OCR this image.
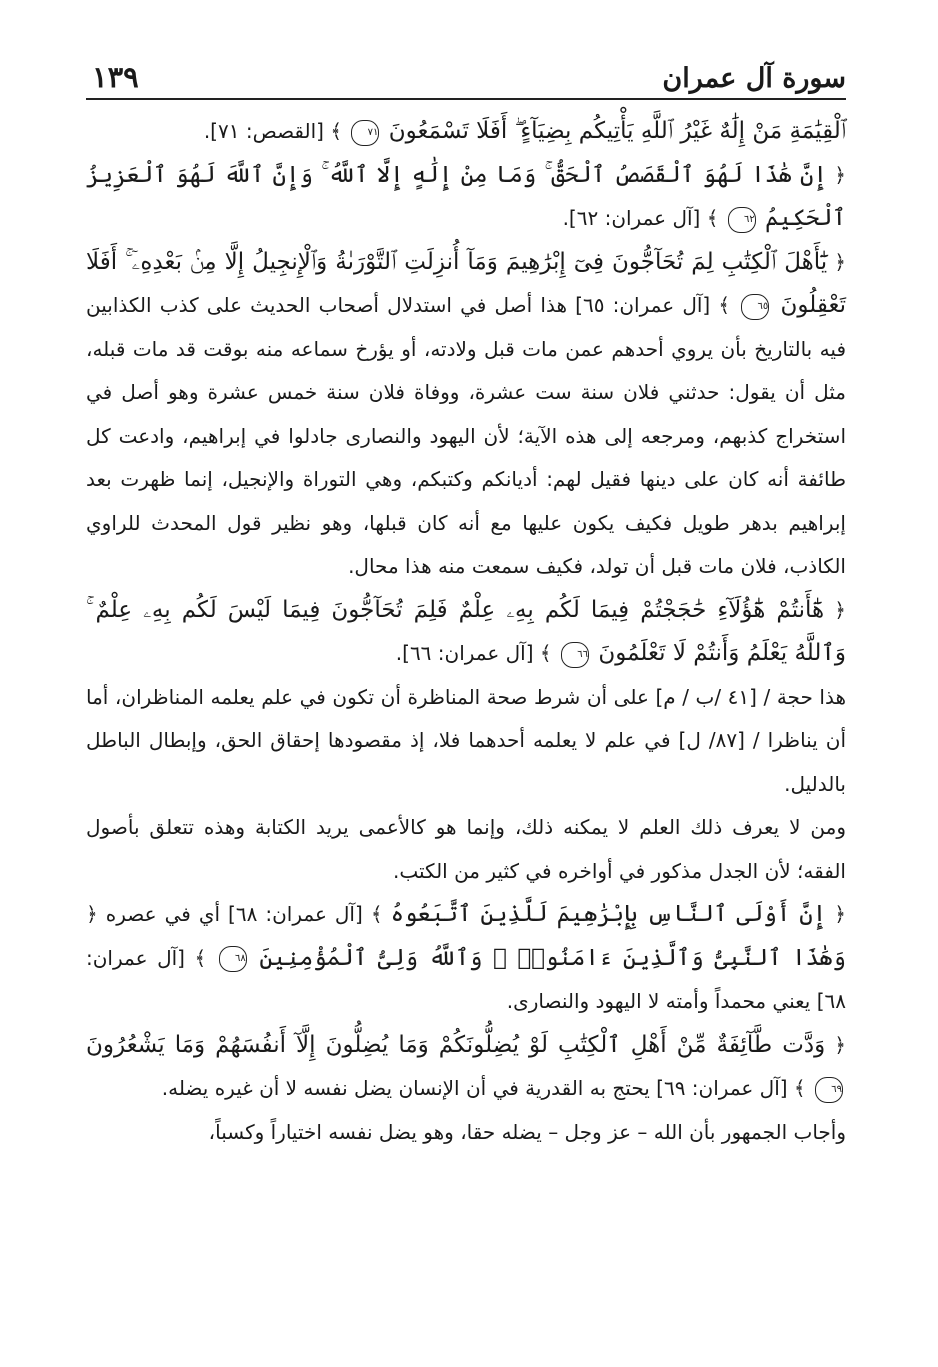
سورة آل عمران
١٣٩

ٱلْقِيَٰمَةِ مَنْ إِلَٰهٌ غَيْرُ ٱللَّهِ يَأْتِيكُم بِضِيَآءٍ ۖ أَفَلَا تَسْمَعُونَ ٧١ ﴾ [القصص: ٧١].

﴿ إِنَّ هَٰذَا لَهُوَ ٱلْقَصَصُ ٱلْحَقُّ ۚ وَمَا مِنْ إِلَٰهٍ إِلَّا ٱللَّهُ ۚ وَإِنَّ ٱللَّهَ لَهُوَ ٱلْعَزِيزُ ٱلْحَكِيمُ ٦٢ ﴾ [آل عمران: ٦٢].

﴿ يَٰٓأَهْلَ ٱلْكِتَٰبِ لِمَ تُحَآجُّونَ فِىٓ إِبْرَٰهِيمَ وَمَآ أُنزِلَتِ ٱلتَّوْرَىٰةُ وَٱلْإِنجِيلُ إِلَّا مِنۢ بَعْدِهِۦٓ ۚ أَفَلَا تَعْقِلُونَ ٦٥ ﴾ [آل عمران: ٦٥] هذا أصل في استدلال أصحاب الحديث على كذب الكذابين فيه بالتاريخ بأن يروي أحدهم عمن مات قبل ولادته، أو يؤرخ سماعه منه بوقت قد مات قبله، مثل أن يقول: حدثني فلان سنة ست عشرة، ووفاة فلان سنة خمس عشرة وهو أصل في استخراج كذبهم، ومرجعه إلى هذه الآية؛ لأن اليهود والنصارى جادلوا في إبراهيم، وادعت كل طائفة أنه كان على دينها فقيل لهم: أديانكم وكتبكم، وهي التوراة والإنجيل، إنما ظهرت بعد إبراهيم بدهر طويل فكيف يكون عليها مع أنه كان قبلها، وهو نظير قول المحدث للراوي الكاذب، فلان مات قبل أن تولد، فكيف سمعت منه هذا محال.

﴿ هَٰٓأَنتُمْ هَٰٓؤُلَآءِ حَٰجَجْتُمْ فِيمَا لَكُم بِهِۦ عِلْمٌ فَلِمَ تُحَآجُّونَ فِيمَا لَيْسَ لَكُم بِهِۦ عِلْمٌ ۚ وَٱللَّهُ يَعْلَمُ وَأَنتُمْ لَا تَعْلَمُونَ ٦٦ ﴾ [آل عمران: ٦٦].

هذا حجة / [٤١ /ب / م] على أن شرط صحة المناظرة أن تكون في علم يعلمه المناظران، أما أن يناظرا / [٨٧/ ل] في علم لا يعلمه أحدهما فلا، إذ مقصودها إحقاق الحق، وإبطال الباطل بالدليل.

ومن لا يعرف ذلك العلم لا يمكنه ذلك، وإنما هو كالأعمى يريد الكتابة وهذه تتعلق بأصول الفقه؛ لأن الجدل مذكور في أواخره في كثير من الكتب.

﴿ إِنَّ أَوْلَى ٱلنَّاسِ بِإِبْرَٰهِيمَ لَلَّذِينَ ٱتَّبَعُوهُ ﴾ [آل عمران: ٦٨] أي في عصره ﴿ وَهَٰذَا ٱلنَّبِىُّ وَٱلَّذِينَ ءَامَنُوا۟ ۗ وَٱللَّهُ وَلِىُّ ٱلْمُؤْمِنِينَ ٦٨ ﴾ [آل عمران: ٦٨] يعني محمداً وأمته لا اليهود والنصارى.

﴿ وَدَّت طَّآئِفَةٌ مِّنْ أَهْلِ ٱلْكِتَٰبِ لَوْ يُضِلُّونَكُمْ وَمَا يُضِلُّونَ إِلَّآ أَنفُسَهُمْ وَمَا يَشْعُرُونَ ٦٩ ﴾ [آل عمران: ٦٩] يحتج به القدرية في أن الإنسان يضل نفسه لا أن غيره يضله.

وأجاب الجمهور بأن الله – عز وجل – يضله حقا، وهو يضل نفسه اختياراً وكسباً،
